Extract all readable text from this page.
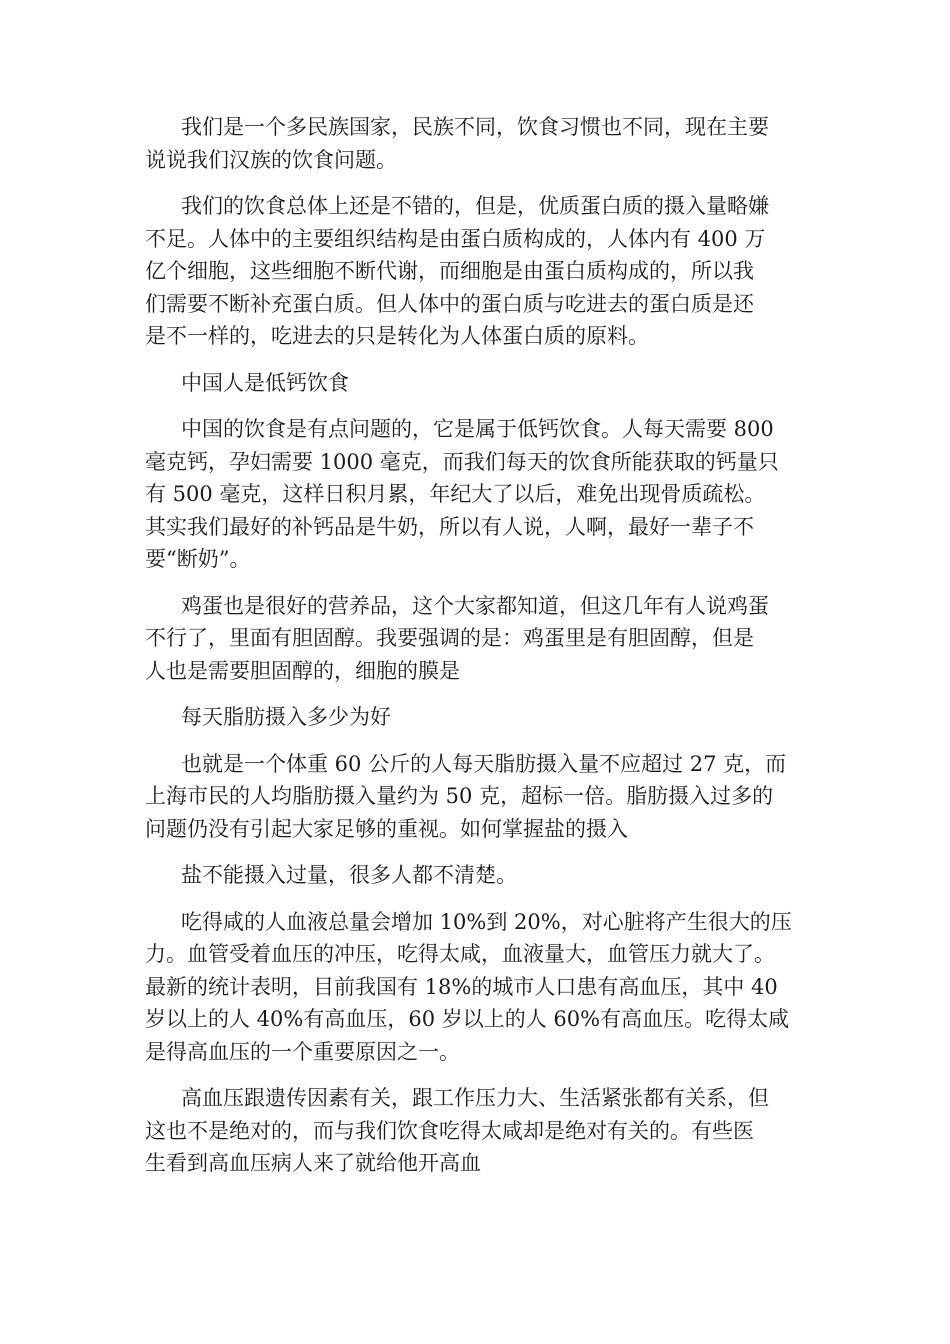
我们是一个多民族国家，民族不同，饮食习惯也不同，现在主要
说说我们汉族的饮食问题。

我们的饮食总体上还是不错的，但是，优质蛋白质的摄入量略嫌
不足。人体中的主要组织结构是由蛋白质构成的，人体内有 400 万
亿个细胞，这些细胞不断代谢，而细胞是由蛋白质构成的，所以我
们需要不断补充蛋白质。但人体中的蛋白质与吃进去的蛋白质是还
是不一样的，吃进去的只是转化为人体蛋白质的原料。

中国人是低钙饮食

中国的饮食是有点问题的，它是属于低钙饮食。人每天需要 800
毫克钙，孕妇需要 1000 毫克，而我们每天的饮食所能获取的钙量只
有 500 毫克，这样日积月累，年纪大了以后，难免出现骨质疏松。
其实我们最好的补钙品是牛奶，所以有人说，人啊，最好一辈子不
要“断奶”。

鸡蛋也是很好的营养品，这个大家都知道，但这几年有人说鸡蛋
不行了，里面有胆固醇。我要强调的是：鸡蛋里是有胆固醇，但是
人也是需要胆固醇的，细胞的膜是

每天脂肪摄入多少为好

也就是一个体重 60 公斤的人每天脂肪摄入量不应超过 27 克，而
上海市民的人均脂肪摄入量约为 50 克，超标一倍。脂肪摄入过多的
问题仍没有引起大家足够的重视。如何掌握盐的摄入

盐不能摄入过量，很多人都不清楚。

吃得咸的人血液总量会增加 10%到 20%，对心脏将产生很大的压
力。血管受着血压的冲压，吃得太咸，血液量大，血管压力就大了。
最新的统计表明，目前我国有 18%的城市人口患有高血压，其中 40
岁以上的人 40%有高血压，60 岁以上的人 60%有高血压。吃得太咸
是得高血压的一个重要原因之一。

高血压跟遗传因素有关，跟工作压力大、生活紧张都有关系，但
这也不是绝对的，而与我们饮食吃得太咸却是绝对有关的。有些医
生看到高血压病人来了就给他开高血
